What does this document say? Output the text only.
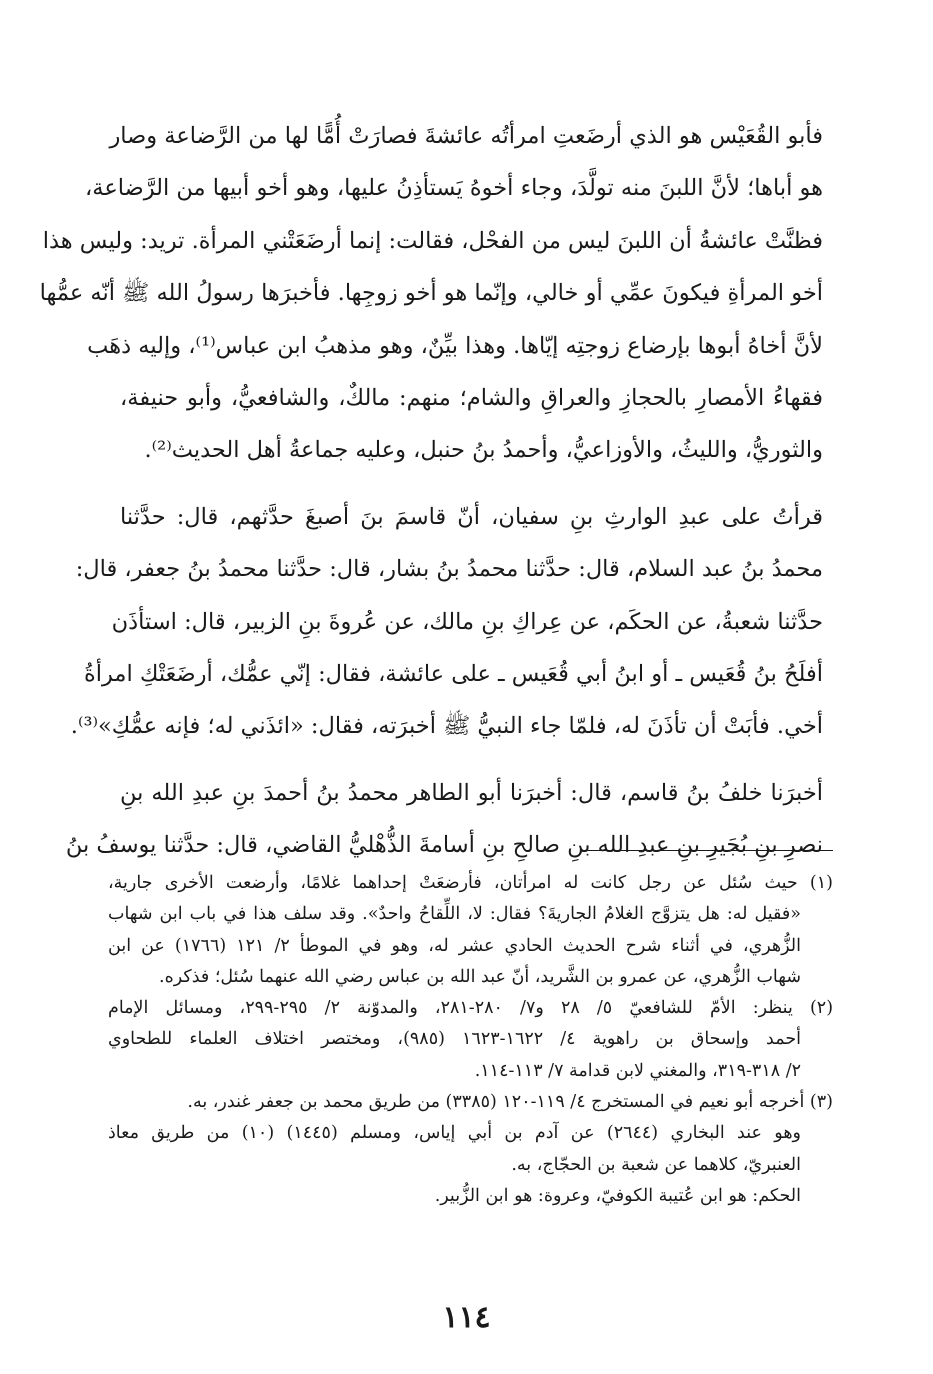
فأبو القُعَيْس هو الذي أرضَعتِ امرأتُه عائشةَ فصارَتْ أُمًّا لها من الرَّضاعة وصار
هو أباها؛ لأنَّ اللبنَ منه تولَّدَ، وجاء أخوهُ يَستأذِنُ عليها، وهو أخو أبيها من الرَّضاعة،
فظنَّتْ عائشةُ أن اللبنَ ليس من الفحْل، فقالت: إنما أرضَعَتْني المرأة. تريد: وليس هذا
أخو المرأةِ فيكونَ عمِّي أو خالي، وإنّما هو أخو زوجِها. فأخبرَها رسولُ الله ﷺ أنّه عمُّها
لأنَّ أخاهُ أبوها بإرضاع زوجتِه إيّاها. وهذا بيِّنٌ، وهو مذهبُ ابن عباس⁽¹⁾، وإليه ذهَب
فقهاءُ الأمصارِ بالحجازِ والعراقِ والشام؛ منهم: مالكٌ، والشافعيُّ، وأبو حنيفة،
والثوريُّ، والليثُ، والأوزاعيُّ، وأحمدُ بنُ حنبل، وعليه جماعةُ أهل الحديث⁽²⁾.
قرأتُ على عبدِ الوارثِ بنِ سفيان، أنّ قاسمَ بنَ أصبغَ حدَّثهم، قال: حدَّثنا
محمدُ بنُ عبد السلام، قال: حدَّثنا محمدُ بنُ بشار، قال: حدَّثنا محمدُ بنُ جعفر، قال:
حدَّثنا شعبةُ، عن الحكَم، عن عِراكِ بنِ مالك، عن عُروةَ بنِ الزبير، قال: استأذَن
أفلَحُ بنُ قُعَيس ـ أو ابنُ أبي قُعَيس ـ على عائشة، فقال: إنّي عمُّك، أرضَعَتْكِ امرأةُ
أخي. فأبَتْ أن تأذَنَ له، فلمّا جاء النبيُّ ﷺ أخبرَته، فقال: «ائذَني له؛ فإنه عمُّكِ»⁽³⁾.
أخبرَنا خلفُ بنُ قاسم، قال: أخبرَنا أبو الطاهر محمدُ بنُ أحمدَ بنِ عبدِ الله بنِ
نصرِ بنِ بُجَيرِ بنِ عبدِ الله بنِ صالحِ بنِ أسامةَ الذُّهْليُّ القاضي، قال: حدَّثنا يوسفُ بنُ
(١) حيث سُئل عن رجل كانت له امرأتان، فأرضعَتْ إحداهما غلامًا، وأرضعت الأخرى جارية،
«فقيل له: هل يتزوَّج الغلامُ الجاريةَ؟ فقال: لا، اللِّقاحُ واحدٌ». وقد سلف هذا في باب ابن شهاب
الزُّهري، في أثناء شرح الحديث الحادي عشر له، وهو في الموطأ ٢/ ١٢١ (١٧٦٦) عن ابن
شهاب الزُّهري، عن عمرو بن الشَّريد، أنّ عبد الله بن عباس رضي الله عنهما سُئل؛ فذكره.
(٢) ينظر: الأمّ للشافعيّ ٥/ ٢٨ و٧/ ٢٨٠-٢٨١، والمدوّنة ٢/ ٢٩٥-٢٩٩، ومسائل الإمام
أحمد وإسحاق بن راهوية ٤/ ١٦٢٢-١٦٢٣ (٩٨٥)، ومختصر اختلاف العلماء للطحاوي
٢/ ٣١٨-٣١٩، والمغني لابن قدامة ٧/ ١١٣-١١٤.
(٣) أخرجه أبو نعيم في المستخرج ٤/ ١١٩-١٢٠ (٣٣٨٥) من طريق محمد بن جعفر غندر، به.
وهو عند البخاري (٢٦٤٤) عن آدم بن أبي إياس، ومسلم (١٤٤٥) (١٠) من طريق معاذ
العنبريّ، كلاهما عن شعبة بن الحجّاج، به.
الحكم: هو ابن عُتيبة الكوفيّ، وعروة: هو ابن الزُّبير.
١١٤
